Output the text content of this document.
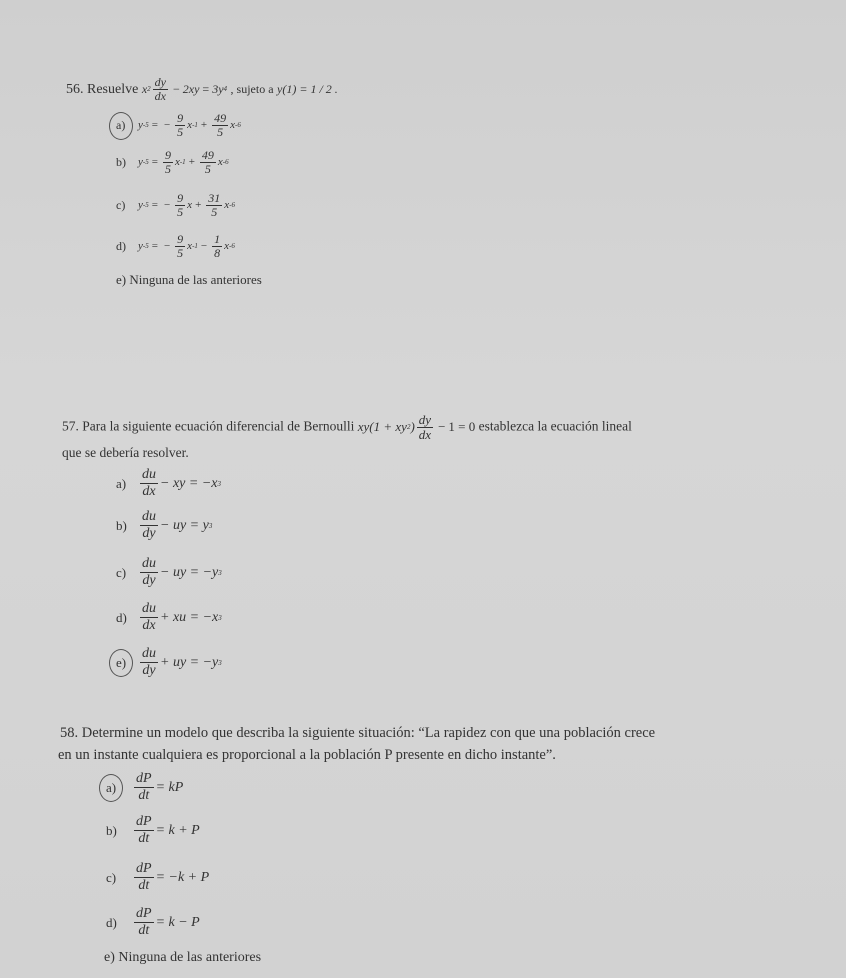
56. Resuelve x $2 \frac{dy}{dx} - 2xy = 3y$ 4 , sujeto a y(1) = 1 / 2 .
a)	y -5 = − $\frac{9}{5}$ x $-1 + \frac{49}{5}$ x -6
b)	y $-5 = \frac{9}{5}$ x $-1 + \frac{49}{5}$ x -6
c)	y -5 = − $\frac{9}{5}$ $x + \frac{31}{5}$ x -6
d)	y -5 = − $\frac{9}{5}$ x $-1 - \frac{1}{8}$ x -6
e) Ninguna de las anteriores
57. Para la siguiente ecuación diferencial de Bernoulli xy(1 + xy 2 ) $\frac{dy}{dx} - 1 = 0$ establezca la ecuación lineal
que se debería resolver.
$a) \frac{du}{dx}$ − xy = −x 3
$b) \frac{du}{dy}$ − uy = y 3
$c) \frac{du}{dy}$ − uy = −y 3
$d) \frac{du}{dx}$ + xu = −x 3
$e) \frac{du}{dy}$ + uy = −y 3
58. Determine un modelo que describa la siguiente situación: “La rapidez con que una población crece
en un instante cualquiera es proporcional a la población P presente en dicho instante”.
a)	$\frac{dP}{dt}$ = kP
b)	$\frac{dP}{dt} = k + P$
c)	$\frac{dP}{dt} = -k + P$
d)	$\frac{dP}{dt} = k - P$
e) Ninguna de las anteriores
